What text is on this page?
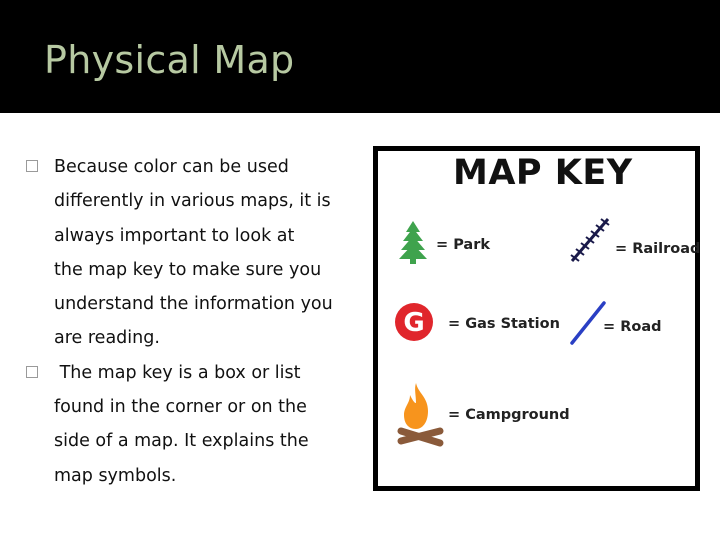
Physical Map
Because color can be used
differently in various maps, it is
always important to look at
the map key to make sure you
understand the information you
are reading.
The map key is a box or list
found in the corner or on the
side of a map. It explains the
map symbols.
MAP KEY
= Park	= Railroad
G = Gas Station	= Road
= Campground
